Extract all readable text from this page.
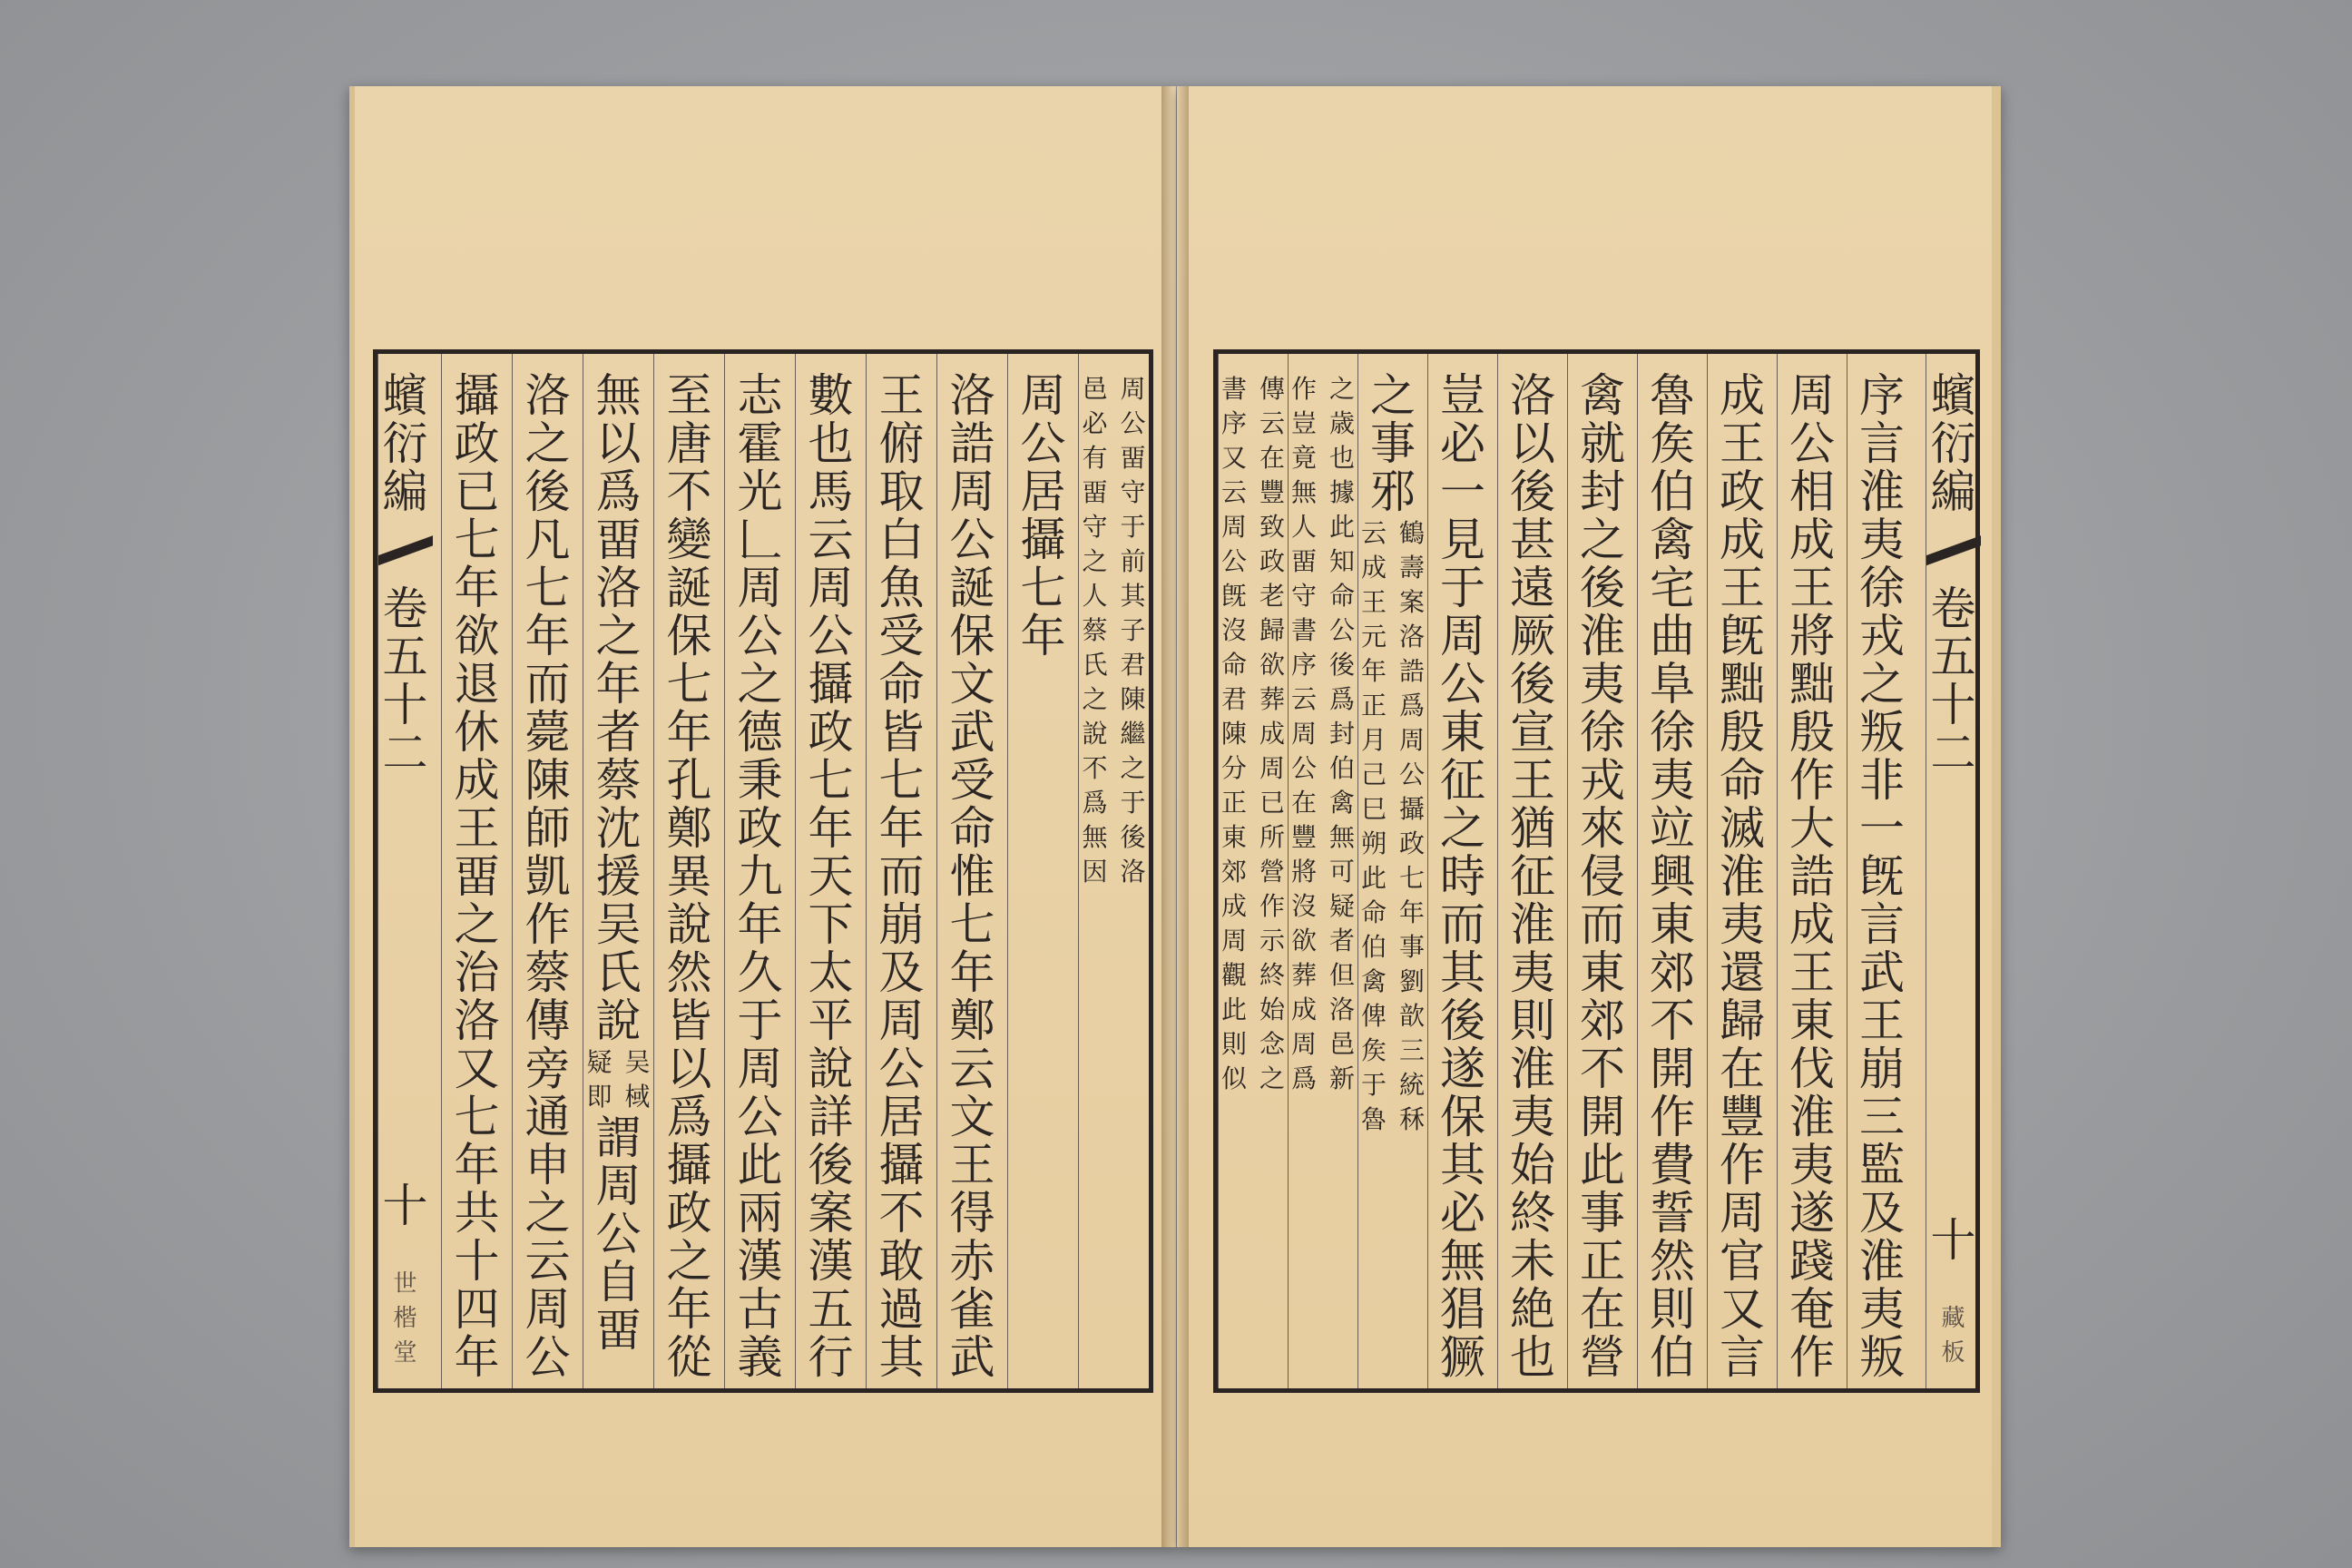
周
公
畱
守
于
前
其
子
君
陳
繼
之
于
後
洛
邑
必
有
畱
守
之
人
蔡
氏
之
說
不
爲
無
因
周
公
居
攝
七
年
洛
誥
周
公
誕
保
文
武
受
命
惟
七
年
鄭
云
文
王
得
赤
雀
武
王
俯
取
白
魚
受
命
皆
七
年
而
崩
及
周
公
居
攝
不
敢
過
其
數
也
馬
云
周
公
攝
政
七
年
天
下
太
平
說
詳
後
案
漢
五
行
志
霍
光
𠃊
周
公
之
德
秉
政
九
年
久
于
周
公
此
兩
漢
古
義
至
唐
不
變
誕
保
七
年
孔
鄭
異
說
然
皆
以
爲
攝
政
之
年
從
無
以
爲
畱
洛
之
年
者
蔡
沈
援
吴
氏
說
吴
棫
疑
即
謂
周
公
自
畱
洛
之
後
凡
七
年
而
薨
陳
師
凱
作
蔡
傳
旁
通
申
之
云
周
公
攝
政
已
七
年
欲
退
休
成
王
畱
之
治
洛
又
七
年
共
十
四
年
蠙
衍
編
卷
五
十
二
十
世
楷
堂
蠙
衍
編
卷
五
十
二
十
藏
板
序
言
淮
夷
徐
戎
之
叛
非
一
旣
言
武
王
崩
三
監
及
淮
夷
叛
周
公
相
成
王
將
黜
殷
作
大
誥
成
王
東
伐
淮
夷
遂
踐
奄
作
成
王
政
成
王
旣
黜
殷
命
滅
淮
夷
還
歸
在
豐
作
周
官
又
言
魯
矦
伯
禽
宅
曲
阜
徐
夷
竝
興
東
郊
不
開
作
費
誓
然
則
伯
禽
就
封
之
後
淮
夷
徐
戎
來
侵
而
東
郊
不
開
此
事
正
在
營
洛
以
後
甚
遠
厥
後
宣
王
猶
征
淮
夷
則
淮
夷
始
終
未
絶
也
豈
必
一
見
于
周
公
東
征
之
時
而
其
後
遂
保
其
必
無
猖
獗
之
事
邪
鶴
壽
案
洛
誥
爲
周
公
攝
政
七
年
事
劉
歆
三
統
秝
云
成
王
元
年
正
月
己
巳
朔
此
命
伯
禽
俾
矦
于
魯
之
歳
也
據
此
知
命
公
後
爲
封
伯
禽
無
可
疑
者
但
洛
邑
新
作
豈
竟
無
人
畱
守
書
序
云
周
公
在
豐
將
沒
欲
葬
成
周
爲
傳
云
在
豐
致
政
老
歸
欲
葬
成
周
已
所
營
作
示
終
始
念
之
書
序
又
云
周
公
旣
沒
命
君
陳
分
正
東
郊
成
周
觀
此
則
似
